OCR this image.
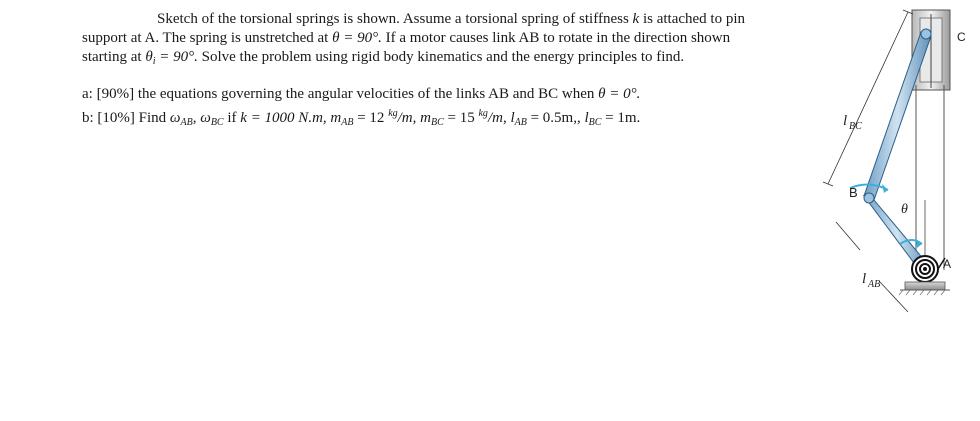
Sketch of the torsional springs is shown. Assume a torsional spring of stiffness k is attached to pin

support at A. The spring is unstretched at θ = 90°. If a motor causes link AB to rotate in the direction shown

starting at $\theta_i = 90^\circ$. Solve the problem using rigid body kinematics and the energy principles to find.

a: [90%] the equations governing the angular velocities of the links AB and BC when θ = 0°.

b: [10%] Find $\omega_{AB}$, $\omega_{BC}$ if k = 1000 N.m, $m_{AB} = 12$ $^{kg}$/m, $m_{BC} = 15$ $^{kg}$/m, $l_{AB} = 0.5m$,, $l_{BC} = 1m$.	l BC
l AB
B
A
C
θ
